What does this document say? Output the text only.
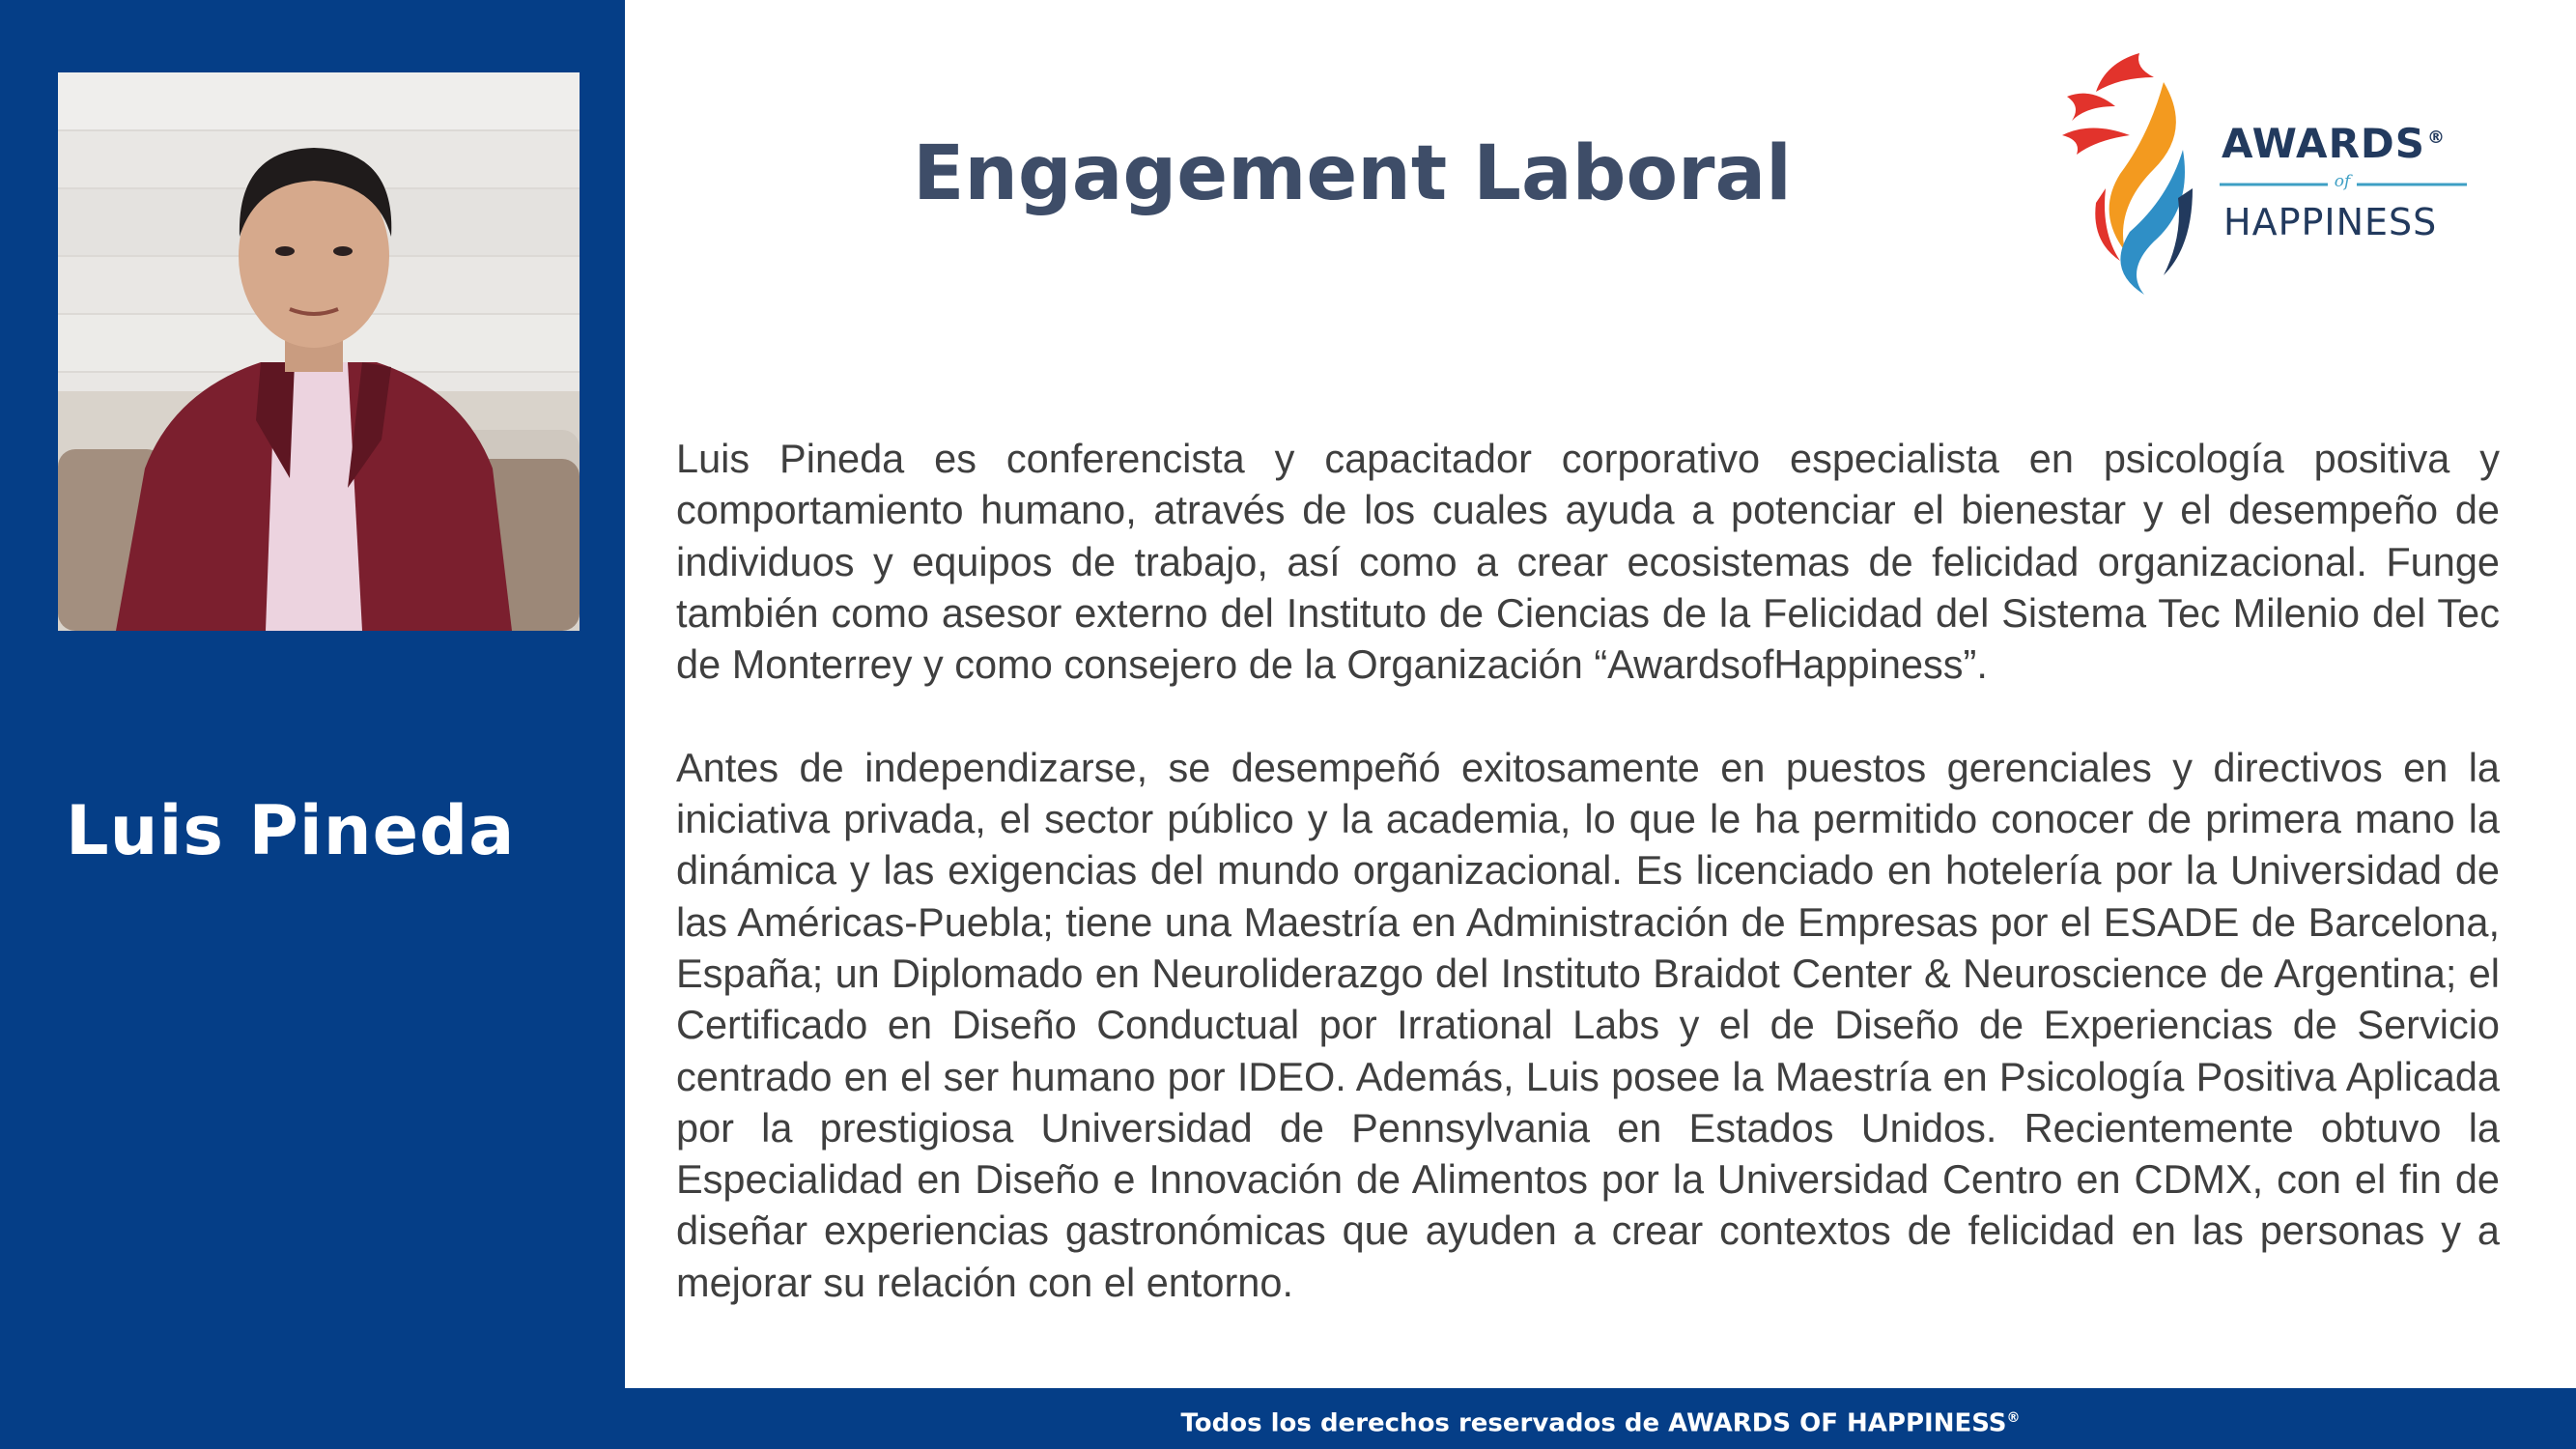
Luis Pineda
Engagement Laboral	AWARDS ®
of
HAPPINESS

Luis Pineda es conferencista y capacitador corporativo especialista en psicología positiva y comportamiento humano, através de los cuales ayuda a potenciar el bienestar y el desempeño de individuos y equipos de trabajo, así como a crear ecosistemas de felicidad organizacional. Funge también como asesor externo del Instituto de Ciencias de la Felicidad del Sistema Tec Milenio del Tec de Monterrey y como consejero de la Organización “AwardsofHappiness”.

Antes de independizarse, se desempeñó exitosamente en puestos gerenciales y directivos en la iniciativa privada, el sector público y la academia, lo que le ha permitido conocer de primera mano la dinámica y las exigencias del mundo organizacional. Es licenciado en hotelería por la Universidad de las Américas-Puebla; tiene una Maestría en Administración de Empresas por el ESADE de Barcelona, España; un Diplomado en Neuroliderazgo del Instituto Braidot Center & Neuroscience de Argentina; el Certificado en Diseño Conductual por Irrational Labs y el de Diseño de Experiencias de Servicio centrado en el ser humano por IDEO. Además, Luis posee la Maestría en Psicología Positiva Aplicada por la prestigiosa Universidad de Pennsylvania en Estados Unidos. Recientemente obtuvo la Especialidad en Diseño e Innovación de Alimentos por la Universidad Centro en CDMX, con el fin de diseñar experiencias gastronómicas que ayuden a crear contextos de felicidad en las personas y a mejorar su relación con el entorno.

Todos los derechos reservados de AWARDS OF HAPPINESS®
